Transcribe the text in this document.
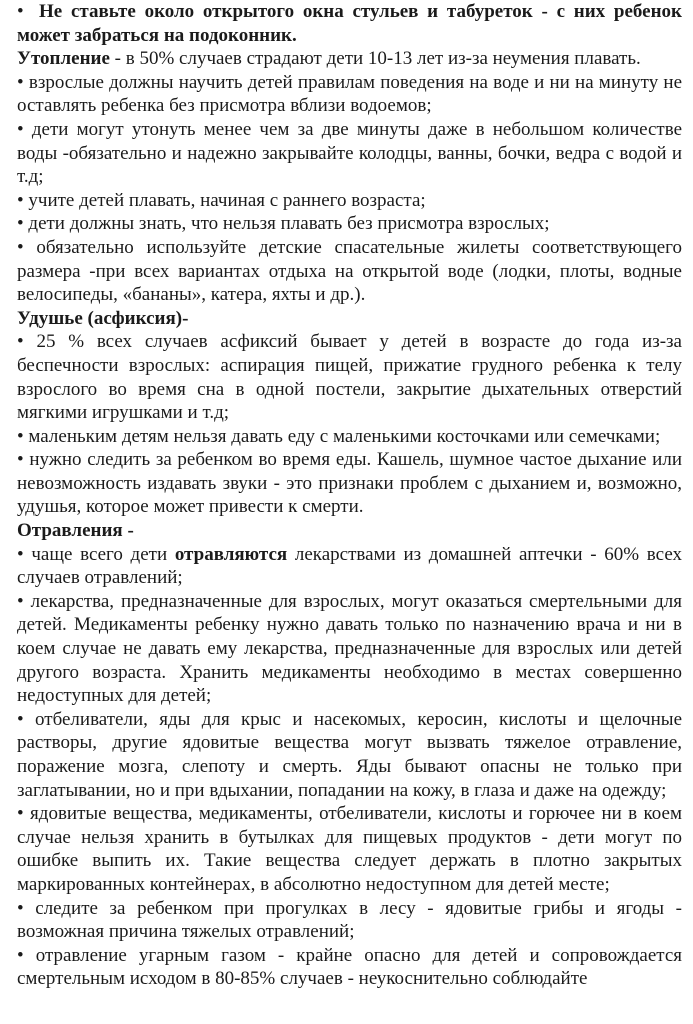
• Не ставьте около открытого окна стульев и табуреток - с них ребенок может забраться на подоконник.

Утопление - в 50% случаев страдают дети 10-13 лет из-за неумения плавать.

• взрослые должны научить детей правилам поведения на воде и ни на минуту не оставлять ребенка без присмотра вблизи водоемов;

• дети могут утонуть менее чем за две минуты даже в небольшом количестве воды -обязательно и надежно закрывайте колодцы, ванны, бочки, ведра с водой и т.д;

• учите детей плавать, начиная с раннего возраста;

• дети должны знать, что нельзя плавать без присмотра взрослых;

• обязательно используйте детские спасательные жилеты соответствующего размера -при всех вариантах отдыха на открытой воде (лодки, плоты, водные велосипеды, «бананы», катера, яхты и др.).

Удушье (асфиксия)-

• 25 % всех случаев асфиксий бывает у детей в возрасте до года из-за беспечности взрослых: аспирация пищей, прижатие грудного ребенка к телу взрослого во время сна в одной постели, закрытие дыхательных отверстий мягкими игрушками и т.д;

• маленьким детям нельзя давать еду с маленькими косточками или семечками;

• нужно следить за ребенком во время еды. Кашель, шумное частое дыхание или невозможность издавать звуки - это признаки проблем с дыханием и, возможно, удушья, которое может привести к смерти.

Отравления -

• чаще всего дети отравляются лекарствами из домашней аптечки - 60% всех случаев отравлений;

• лекарства, предназначенные для взрослых, могут оказаться смертельными для детей. Медикаменты ребенку нужно давать только по назначению врача и ни в коем случае не давать ему лекарства, предназначенные для взрослых или детей другого возраста. Хранить медикаменты необходимо в местах совершенно недоступных для детей;

• отбеливатели, яды для крыс и насекомых, керосин, кислоты и щелочные растворы, другие ядовитые вещества могут вызвать тяжелое отравление, поражение мозга, слепоту и смерть. Яды бывают опасны не только при заглатывании, но и при вдыхании, попадании на кожу, в глаза и даже на одежду;

• ядовитые вещества, медикаменты, отбеливатели, кислоты и горючее ни в коем случае нельзя хранить в бутылках для пищевых продуктов - дети могут по ошибке выпить их. Такие вещества следует держать в плотно закрытых маркированных контейнерах, в абсолютно недоступном для детей месте;

• следите за ребенком при прогулках в лесу - ядовитые грибы и ягоды - возможная причина тяжелых отравлений;

• отравление угарным газом - крайне опасно для детей и сопровождается смертельным исходом в 80-85% случаев - неукоснительно соблюдайте
